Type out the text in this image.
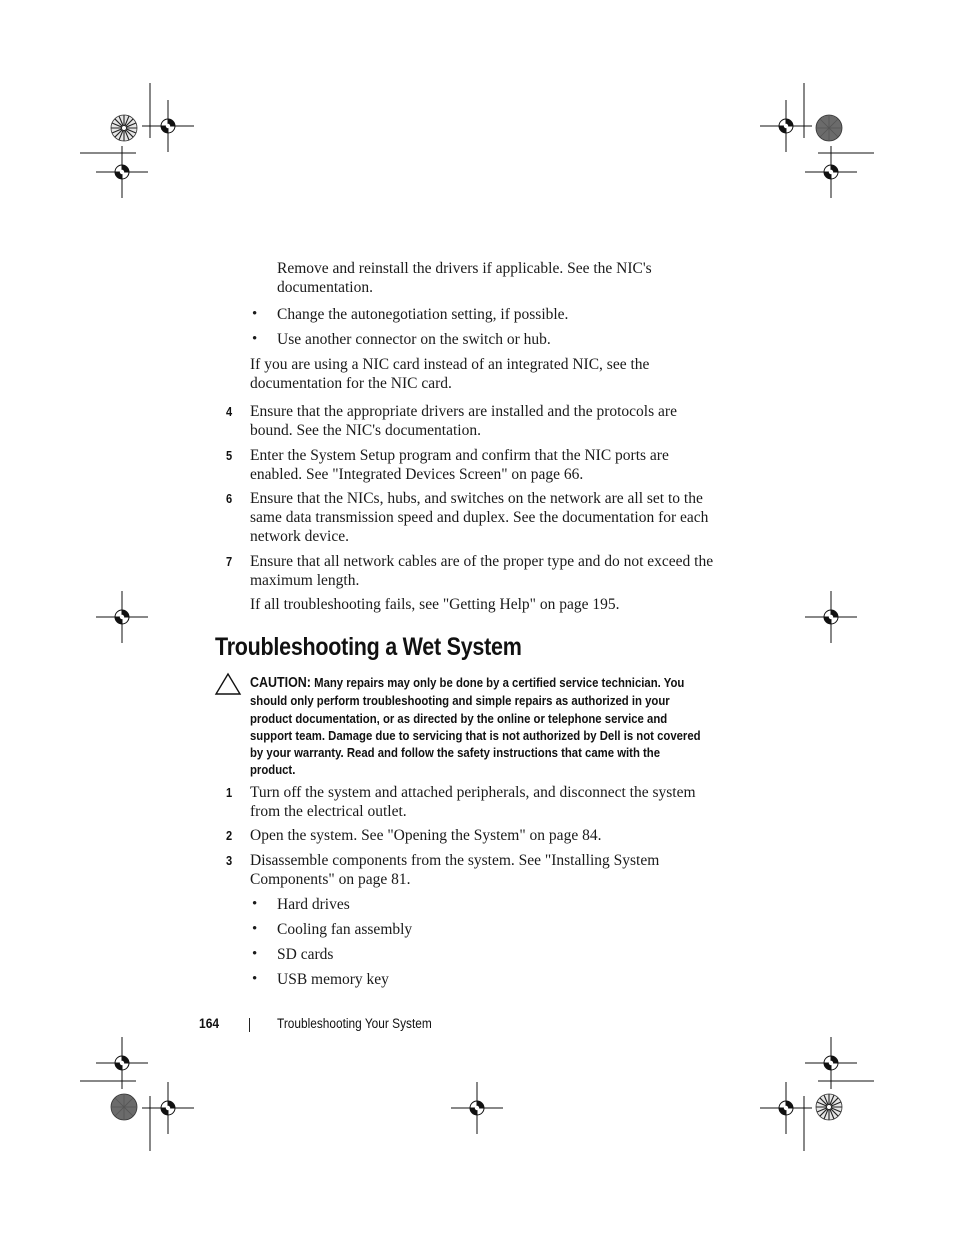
Remove and reinstall the drivers if applicable. See the NIC's
documentation.
• Change the autonegotiation setting, if possible.
• Use another connector on the switch or hub.
If you are using a NIC card instead of an integrated NIC, see the
documentation for the NIC card.
4 Ensure that the appropriate drivers are installed and the protocols are
bound. See the NIC's documentation.
5 Enter the System Setup program and confirm that the NIC ports are
enabled. See "Integrated Devices Screen" on page 66.
6 Ensure that the NICs, hubs, and switches on the network are all set to the
same data transmission speed and duplex. See the documentation for each
network device.
7 Ensure that all network cables are of the proper type and do not exceed the
maximum length.
If all troubleshooting fails, see "Getting Help" on page 195.
Troubleshooting a Wet System
CAUTION: Many repairs may only be done by a certified service technician. You
should only perform troubleshooting and simple repairs as authorized in your
product documentation, or as directed by the online or telephone service and
support team. Damage due to servicing that is not authorized by Dell is not covered
by your warranty. Read and follow the safety instructions that came with the
product.
1 Turn off the system and attached peripherals, and disconnect the system
from the electrical outlet.
2 Open the system. See "Opening the System" on page 84.
3 Disassemble components from the system. See "Installing System
Components" on page 81.
• Hard drives
• Cooling fan assembly
• SD cards
• USB memory key
164	Troubleshooting Your System
